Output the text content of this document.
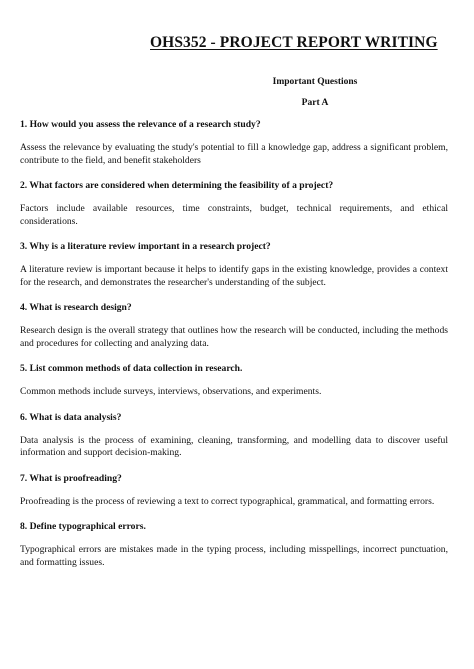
OHS352 - PROJECT REPORT WRITING
Important Questions
Part A
1. How would you assess the relevance of a research study?
Assess the relevance by evaluating the study's potential to fill a knowledge gap, address a significant problem, contribute to the field, and benefit stakeholders
2. What factors are considered when determining the feasibility of a project?
Factors include available resources, time constraints, budget, technical requirements, and ethical considerations.
3. Why is a literature review important in a research project?
A literature review is important because it helps to identify gaps in the existing knowledge, provides a context for the research, and demonstrates the researcher's understanding of the subject.
4. What is research design?
Research design is the overall strategy that outlines how the research will be conducted, including the methods and procedures for collecting and analyzing data.
5. List common methods of data collection in research.
Common methods include surveys, interviews, observations, and experiments.
6. What is data analysis?
Data analysis is the process of examining, cleaning, transforming, and modelling data to discover useful information and support decision-making.
7. What is proofreading?
Proofreading is the process of reviewing a text to correct typographical, grammatical, and formatting errors.
8. Define typographical errors.
Typographical errors are mistakes made in the typing process, including misspellings, incorrect punctuation, and formatting issues.
